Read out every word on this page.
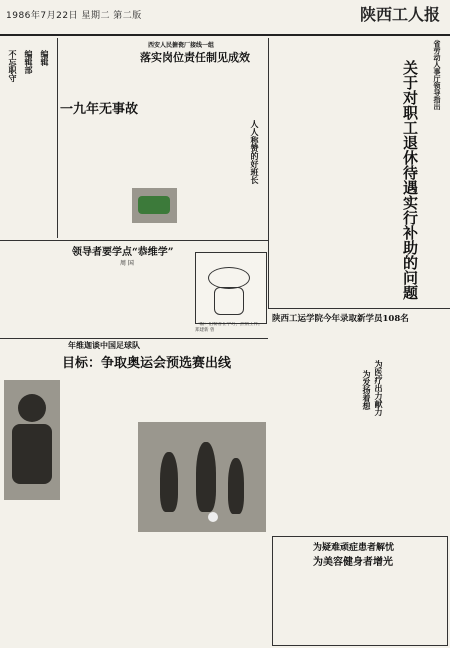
1986年7月22日 星期二 第二版	陕西工人报
编辑
编辑部
不忘职守
一九年无事故
西安人民搪瓷厂接线一组
落实岗位责任制见成效
人人称赞的好班长
省劳动人事厅领导指出
关于对职工退休待遇实行补助的问题
领导者要学点“恭维学”
周 国
一幅：伯勒者在学习，热情工作。 郑建新 曾
陕西工运学院今年录取新学员108名
为发扬着想 为医疗出力献力
年维迦谈中国足球队
目标：争取奥运会预选赛出线
为疑难顽症患者解忧
为美容健身者增光
